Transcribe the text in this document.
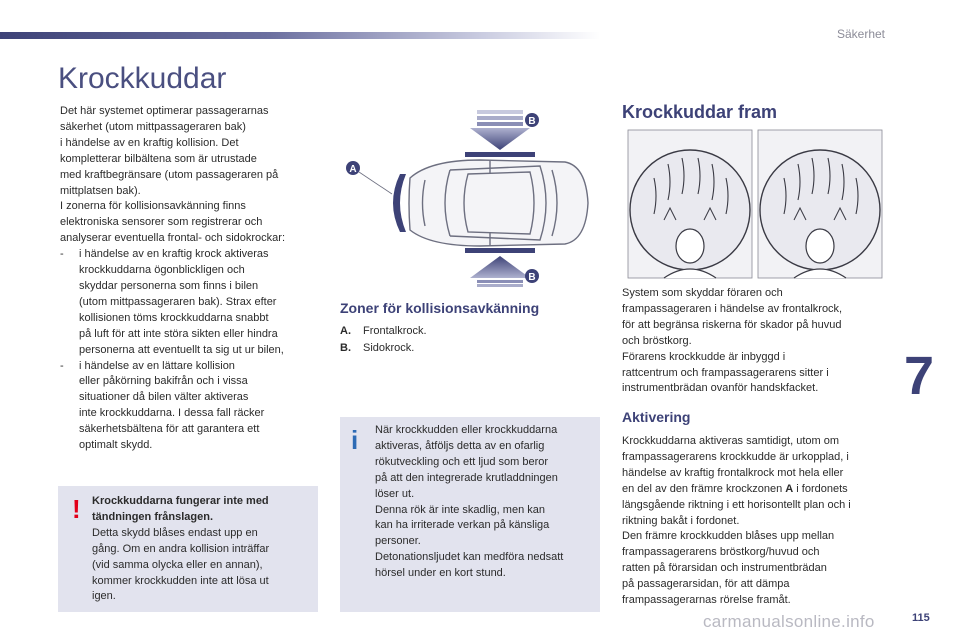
Säkerhet
Krockkuddar

Det här systemet optimerar passagerarnas
säkerhet (utom mittpassageraren bak)
i händelse av en kraftig kollision. Det
kompletterar bilbältena som är utrustade
med kraftbegränsare (utom passageraren på
mittplatsen bak).

I zonerna för kollisionsavkänning finns
elektroniska sensorer som registrerar och
analyserar eventuella frontal- och sidokrockar:

-	i händelse av en kraftig krock aktiveras
krockkuddarna ögonblickligen och
skyddar personerna som finns i bilen
(utom mittpassageraren bak). Strax efter
kollisionen töms krockkuddarna snabbt
på luft för att inte störa sikten eller hindra
personerna att eventuellt ta sig ut ur bilen,
-	i händelse av en lättare kollision
eller påkörning bakifrån och i vissa
situationer då bilen välter aktiveras
inte krockkuddarna. I dessa fall räcker
säkerhetsbältena för att garantera ett
optimalt skydd.
! Krockkuddarna fungerar inte med
tändningen frånslagen.
Detta skydd blåses endast upp en
gång. Om en andra kollision inträffar
(vid samma olycka eller en annan),
kommer krockkudden inte att lösa ut
igen.
A
B
B
Zoner för kollisionsavkänning
A. Frontalkrock.
B. Sidokrock.
i När krockkudden eller krockkuddarna
aktiveras, åtföljs detta av en ofarlig
rökutveckling och ett ljud som beror
på att den integrerade krutladdningen
löser ut.
Denna rök är inte skadlig, men kan
kan ha irriterade verkan på känsliga
personer.
Detonationsljudet kan medföra nedsatt
hörsel under en kort stund.
Krockkuddar fram
System som skyddar föraren och
frampassageraren i händelse av frontalkrock,
för att begränsa riskerna för skador på huvud
och bröstkorg.
Förarens krockkudde är inbyggd i
rattcentrum och frampassagerarens sitter i
instrumentbrädan ovanför handskfacket.
Aktivering
Krockkuddarna aktiveras samtidigt, utom om
frampassagerarens krockkudde är urkopplad, i
händelse av kraftig frontalkrock mot hela eller
en del av den främre krockzonen A i fordonets
längsgående riktning i ett horisontellt plan och i
riktning bakåt i fordonet.
Den främre krockkudden blåses upp mellan
frampassagerarens bröstkorg/huvud och
ratten på förarsidan och instrumentbrädan
på passagerarsidan, för att dämpa
frampassagerarnas rörelse framåt.
7
carmanualsonline.info	115
